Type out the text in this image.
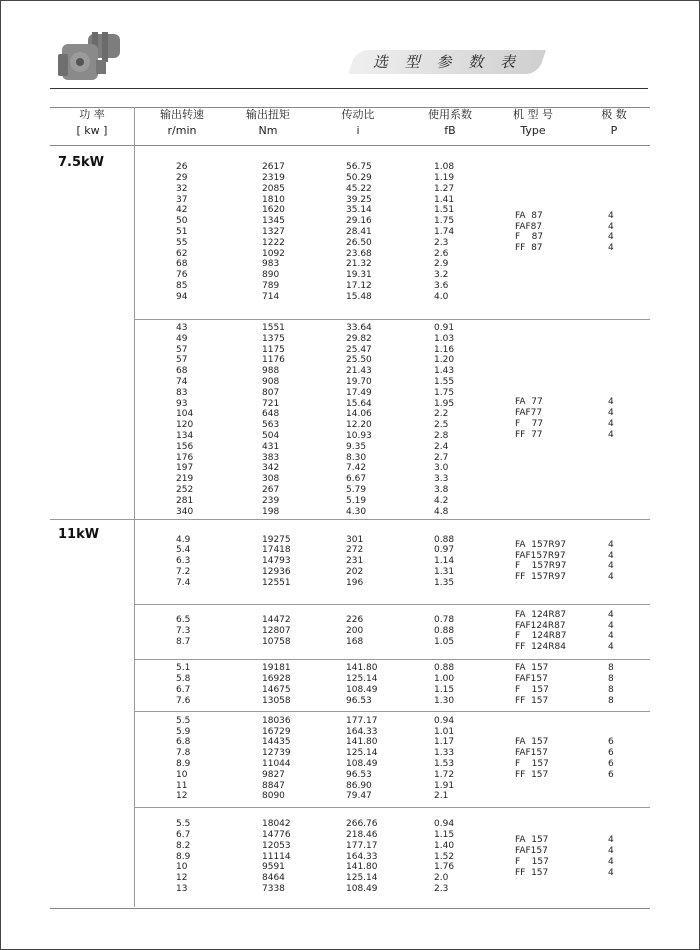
选 型 参 数 表
功 率
[ kw ]
输出转速
r/min
输出扭矩
Nm
传动比
i
使用系数
fB
机 型 号
Type
极 数
P
7.5kW
11kW
26
29
32
37
42
50
51
55
62
68
76
85
94
2617
2319
2085
1810
1620
1345
1327
1222
1092
983
890
789
714
56.75
50.29
45.22
39.25
35.14
29.16
28.41
26.50
23.68
21.32
19.31
17.12
15.48
1.08
1.19
1.27
1.41
1.51
1.75
1.74
2.3
2.6
2.9
3.2
3.6
4.0
FA  87
FAF87
F    87
FF  87
4
4
4
4
43
49
57
57
68
74
83
93
104
120
134
156
176
197
219
252
281
340
1551
1375
1175
1176
988
908
807
721
648
563
504
431
383
342
308
267
239
198
33.64
29.82
25.47
25.50
21.43
19.70
17.49
15.64
14.06
12.20
10.93
9.35
8.30
7.42
6.67
5.79
5.19
4.30
0.91
1.03
1.16
1.20
1.43
1.55
1.75
1.95
2.2
2.5
2.8
2.4
2.7
3.0
3.3
3.8
4.2
4.8
FA  77
FAF77
F    77
FF  77
4
4
4
4
4.9
5.4
6.3
7.2
7.4
19275
17418
14793
12936
12551
301
272
231
202
196
0.88
0.97
1.14
1.31
1.35
FA  157R97
FAF157R97
F    157R97
FF  157R97
4
4
4
4
6.5
7.3
8.7
14472
12807
10758
226
200
168
0.78
0.88
1.05
FA  124R87
FAF124R87
F    124R87
FF  124R84
4
4
4
4
5.1
5.8
6.7
7.6
19181
16928
14675
13058
141.80
125.14
108.49
96.53
0.88
1.00
1.15
1.30
FA  157
FAF157
F    157
FF  157
8
8
8
8
5.5
5.9
6.8
7.8
8.9
10
11
12
18036
16729
14435
12739
11044
9827
8847
8090
177.17
164.33
141.80
125.14
108.49
96.53
86.90
79.47
0.94
1.01
1.17
1.33
1.53
1.72
1.91
2.1
FA  157
FAF157
F    157
FF  157
6
6
6
6
5.5
6.7
8.2
8.9
10
12
13
18042
14776
12053
11114
9591
8464
7338
266.76
218.46
177.17
164.33
141.80
125.14
108.49
0.94
1.15
1.40
1.52
1.76
2.0
2.3
FA  157
FAF157
F    157
FF  157
4
4
4
4
